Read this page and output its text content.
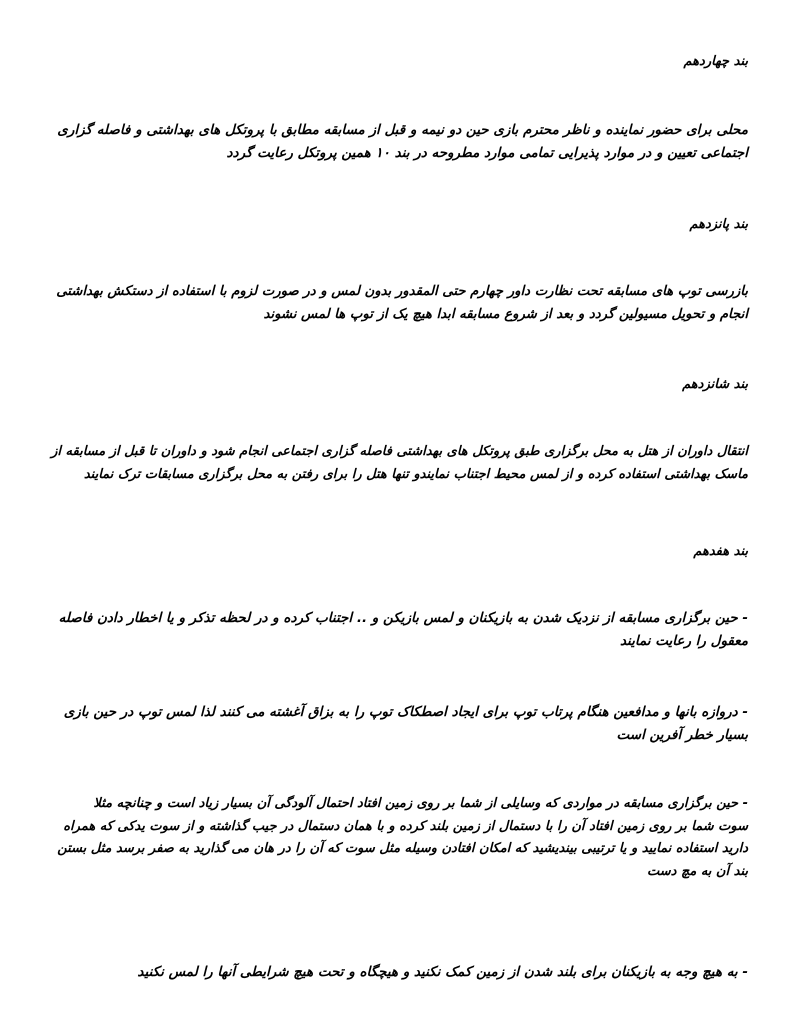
بند چهاردهم

محلی برای حضور نماینده و ناظر محترم بازی حین دو نیمه و قبل از مسابقه مطابق با پروتکل های بهداشتی و فاصله گزاری
اجتماعی تعیین و در موارد پذیرایی تمامی موارد مطروحه در بند ۱۰ همین پروتکل رعایت گردد

بند پانزدهم

بازرسی توپ های مسابقه تحت نظارت داور چهارم حتی المقدور بدون لمس و در صورت لزوم با استفاده از دستکش بهداشتی
انجام و تحویل مسیولین گردد و بعد از شروع مسابقه ابدا هیچ یک از توپ ها لمس نشوند

بند شانزدهم

انتقال داوران از هتل به محل برگزاری طبق پروتکل های بهداشتی فاصله گزاری اجتماعی انجام شود و داوران تا قبل از مسابقه از
ماسک بهداشتی استفاده کرده و از لمس محیط اجتناب نمایندو تنها هتل را برای رفتن به محل برگزاری مسابقات ترک نمایند

بند هفدهم

- حین برگزاری مسابقه از نزدیک شدن به بازیکنان و لمس بازیکن و .. اجتناب کرده و در لحظه تذکر و یا اخطار دادن فاصله
معقول را رعایت نمایند

- دروازه بانها و مدافعین هنگام پرتاب توپ برای ایجاد اصطکاک توپ را به بزاق آغشته می کنند لذا لمس توپ در حین بازی
بسیار خطر آفرین است

- حین برگزاری مسابقه در مواردی که وسایلی از شما بر روی زمین افتاد احتمال آلودگی آن بسیار زیاد است و چنانچه مثلا
سوت شما بر روی زمین افتاد آن را با دستمال از زمین بلند کرده و با همان دستمال در جیب گذاشته و از سوت یدکی که همراه
دارید استفاده نمایید و یا ترتیبی بیندیشید که امکان افتادن وسیله مثل سوت که آن را در هان می گذارید به صفر برسد مثل بستن
بند آن به مچ دست

- به هیچ وجه به بازیکنان برای بلند شدن از زمین کمک نکنید و هیچگاه و تحت هیچ شرایطی آنها را لمس نکنید
